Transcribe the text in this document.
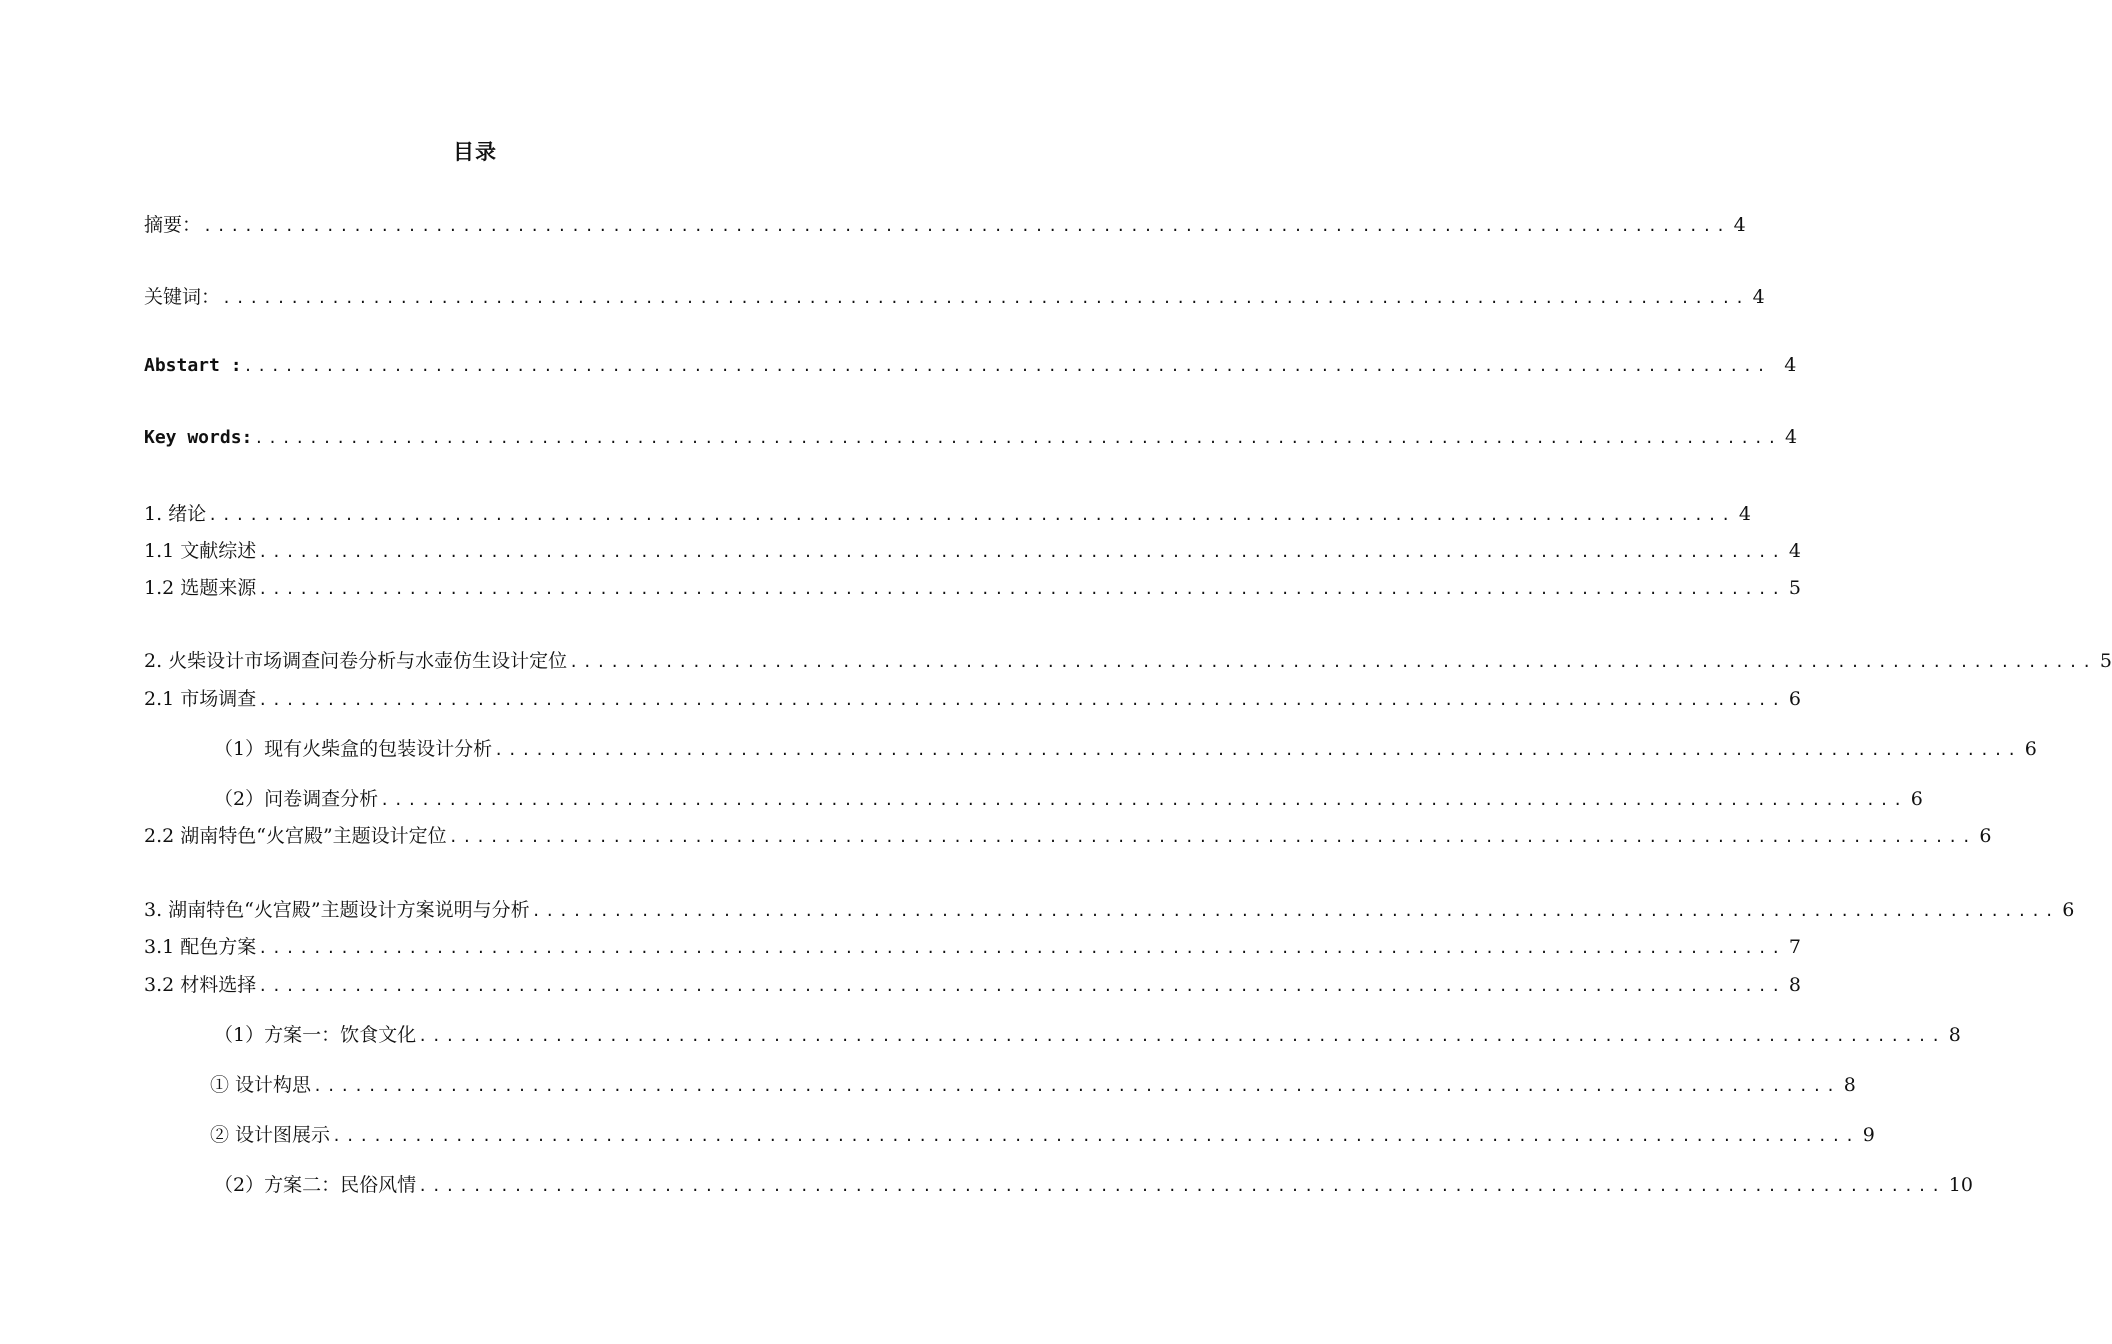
目录
摘要： ................................................................................................................ 4
关键词： ................................................................................................................ 4
Abstart : ................................................................................................................ 4
Key words: ................................................................................................................ 4
1. 绪论 ................................................................................................................ 4
1.1 文献综述 ................................................................................................................ 4
1.2 选题来源 ................................................................................................................ 5
2. 火柴设计市场调查问卷分析与水壶仿生设计定位 ................................................................................................................ 5
2.1 市场调查 ................................................................................................................ 6
（1）现有火柴盒的包装设计分析 ................................................................................................................ 6
（2）问卷调查分析 ................................................................................................................ 6
2.2 湖南特色“火宫殿”主题设计定位 ................................................................................................................ 6
3. 湖南特色“火宫殿”主题设计方案说明与分析 ................................................................................................................ 6
3.1 配色方案 ................................................................................................................ 7
3.2 材料选择 ................................................................................................................ 8
（1）方案一：饮食文化 ................................................................................................................ 8
① 设计构思 ................................................................................................................ 8
② 设计图展示 ................................................................................................................ 9
（2）方案二：民俗风情 ................................................................................................................ 10
